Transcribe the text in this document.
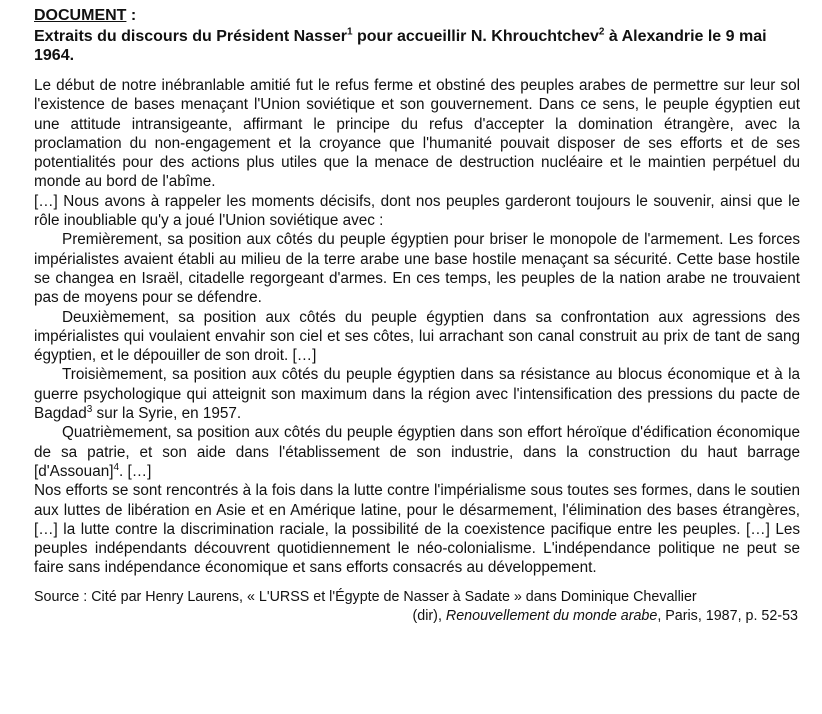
DOCUMENT :
Extraits du discours du Président Nasser$^1$ pour accueillir N. Khrouchtchev$^2$ à Alexandrie le 9 mai 1964.

Le début de notre inébranlable amitié fut le refus ferme et obstiné des peuples arabes de permettre sur leur sol l'existence de bases menaçant l'Union soviétique et son gouvernement. Dans ce sens, le peuple égyptien eut une attitude intransigeante, affirmant le principe du refus d'accepter la domination étrangère, avec la proclamation du non-engagement et la croyance que l'humanité pouvait disposer de ses efforts et de ses potentialités pour des actions plus utiles que la menace de destruction nucléaire et le maintien perpétuel du monde au bord de l'abîme.

[…] Nous avons à rappeler les moments décisifs, dont nos peuples garderont toujours le souvenir, ainsi que le rôle inoubliable qu'y a joué l'Union soviétique avec :

Premièrement, sa position aux côtés du peuple égyptien pour briser le monopole de l'armement. Les forces impérialistes avaient établi au milieu de la terre arabe une base hostile menaçant sa sécurité. Cette base hostile se changea en Israël, citadelle regorgeant d'armes. En ces temps, les peuples de la nation arabe ne trouvaient pas de moyens pour se défendre.

Deuxièmement, sa position aux côtés du peuple égyptien dans sa confrontation aux agressions des impérialistes qui voulaient envahir son ciel et ses côtes, lui arrachant son canal construit au prix de tant de sang égyptien, et le dépouiller de son droit. […]

Troisièmement, sa position aux côtés du peuple égyptien dans sa résistance au blocus économique et à la guerre psychologique qui atteignit son maximum dans la région avec l'intensification des pressions du pacte de Bagdad$^3$ sur la Syrie, en 1957.

Quatrièmement, sa position aux côtés du peuple égyptien dans son effort héroïque d'édification économique de sa patrie, et son aide dans l'établissement de son industrie, dans la construction du haut barrage [d'Assouan]$^4$. […]

Nos efforts se sont rencontrés à la fois dans la lutte contre l'impérialisme sous toutes ses formes, dans le soutien aux luttes de libération en Asie et en Amérique latine, pour le désarmement, l'élimination des bases étrangères, […] la lutte contre la discrimination raciale, la possibilité de la coexistence pacifique entre les peuples. […] Les peuples indépendants découvrent quotidiennement le néo-colonialisme. L'indépendance politique ne peut se faire sans indépendance économique et sans efforts consacrés au développement.

Source : Cité par Henry Laurens, « L'URSS et l'Égypte de Nasser à Sadate » dans Dominique Chevallier
(dir), Renouvellement du monde arabe, Paris, 1987, p. 52-53
